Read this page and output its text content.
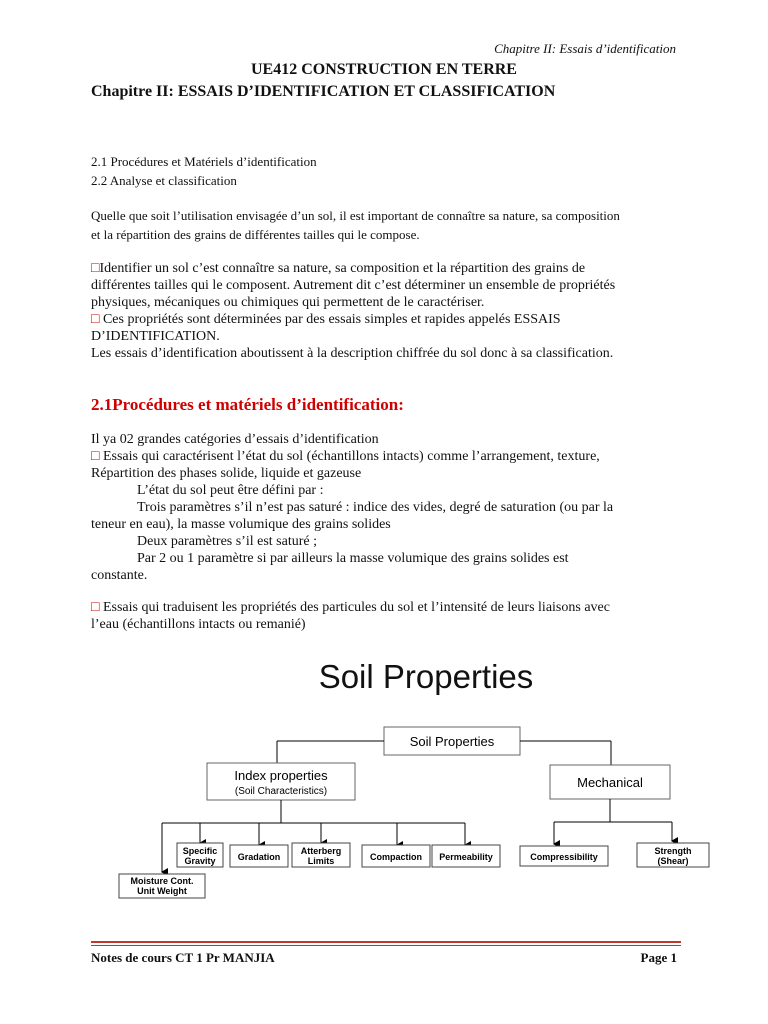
Chapitre II: Essais d’identification
UE412 CONSTRUCTION EN TERRE
Chapitre II: ESSAIS D’IDENTIFICATION ET CLASSIFICATION
2.1 Procédures et Matériels d’identification
2.2 Analyse et classification
Quelle que soit l’utilisation envisagée d’un sol, il est important de connaître sa nature, sa composition
et la répartition des grains de différentes tailles qui le compose.
□Identifier un sol c’est connaître sa nature, sa composition et la répartition des grains de
différentes tailles qui le composent. Autrement dit c’est déterminer un ensemble de propriétés
physiques, mécaniques ou chimiques qui permettent de le caractériser.
□ Ces propriétés sont déterminées par des essais simples et rapides appelés ESSAIS
D’IDENTIFICATION.
Les essais d’identification aboutissent à la description chiffrée du sol donc à sa classification.
2.1Procédures et matériels d’identification:
Il ya 02 grandes catégories d’essais d’identification
□ Essais qui caractérisent l’état du sol (échantillons intacts) comme l’arrangement, texture,
Répartition des phases solide, liquide et gazeuse
L’état du sol peut être défini par :
Trois paramètres s’il n’est pas saturé : indice des vides, degré de saturation (ou par la
teneur en eau), la masse volumique des grains solides
Deux paramètres s’il est saturé ;
Par 2 ou 1 paramètre si par ailleurs la masse volumique des grains solides est
constante.
□ Essais qui traduisent les propriétés des particules du sol et l’intensité de leurs liaisons avec
l’eau (échantillons intacts ou remanié)
Soil Properties
Soil Properties
Index properties
(Soil Characteristics)
Mechanical
Specific
Gravity Gradation
Atterberg
Limits	Compaction Permeability
Moisture Cont.
Unit Weight
Compressibility
Strength
(Shear)
Notes de cours CT 1 Pr MANJIA	Page 1
